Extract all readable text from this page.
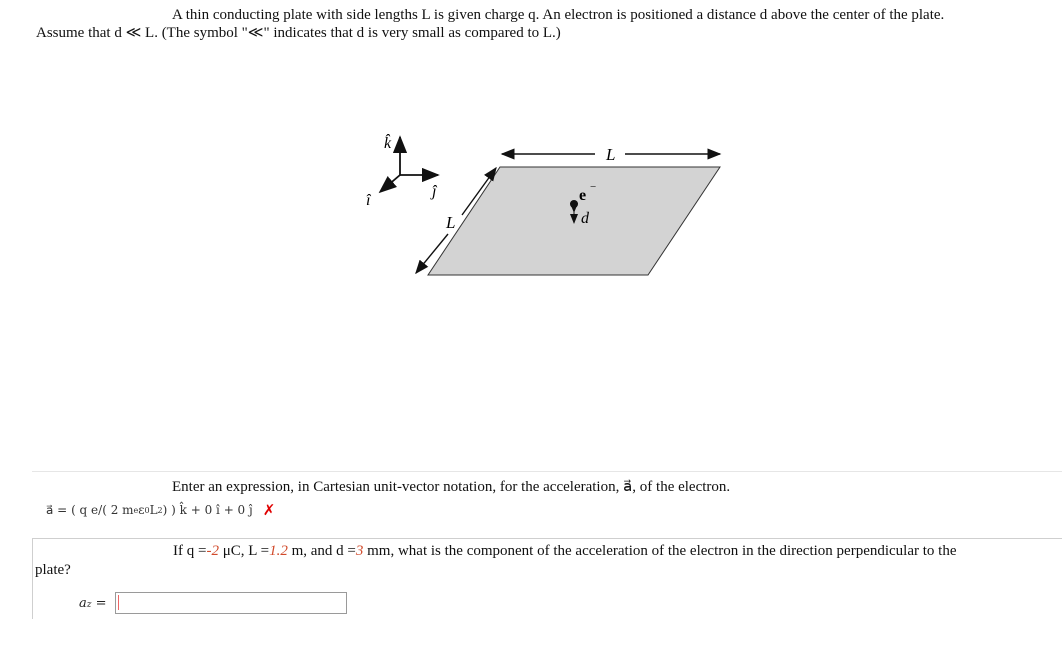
A thin conducting plate with side lengths L is given charge q. An electron is positioned a distance d above the center of the plate.
Assume that d ≪ L. (The symbol "≪" indicates that d is very small as compared to L.)
L
L
k̂
î
ĵ	e −
d
Enter an expression, in Cartesian unit-vector notation, for the acceleration, a⃗, of the electron.
a⃗ =
( q e/( 2 m e ε 0 L 2 ) ) k̂ + 0 î + 0 ĵ ✗
If q =-2 μC, L =1.2 m, and d =3 mm, what is the component of the acceleration of the electron in the direction perpendicular to the
plate?
az =
